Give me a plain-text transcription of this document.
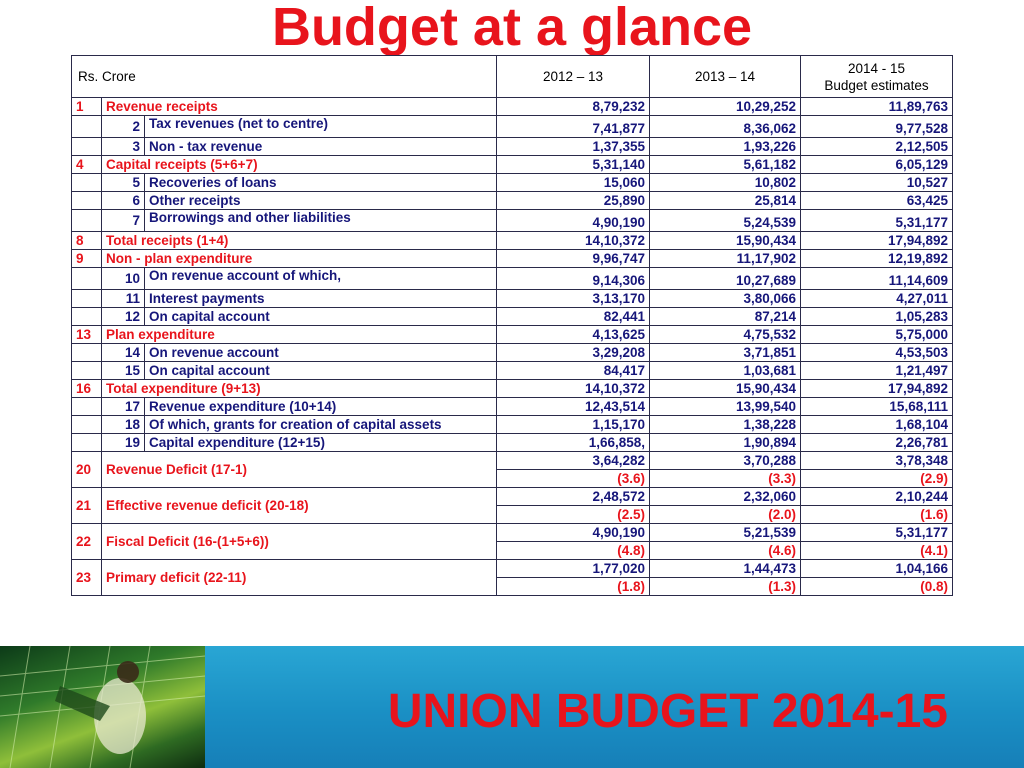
Budget at a glance
Rs. Crore			2012 – 13	2013 – 14	2014 - 15
Budget estimates
1	Revenue receipts		8,79,232	10,29,252	11,89,763
	2	Tax revenues (net to centre)	7,41,877	8,36,062	9,77,528
	3	Non - tax revenue	1,37,355	1,93,226	2,12,505
4	Capital receipts (5+6+7)		5,31,140	5,61,182	6,05,129
	5	Recoveries of loans	15,060	10,802	10,527
	6	Other receipts	25,890	25,814	63,425
	7	Borrowings and other liabilities	4,90,190	5,24,539	5,31,177
8	Total receipts (1+4)		14,10,372	15,90,434	17,94,892
9	Non - plan expenditure		9,96,747	11,17,902	12,19,892
	10	On revenue account of which,	9,14,306	10,27,689	11,14,609
	11	Interest payments	3,13,170	3,80,066	4,27,011
	12	On capital account	82,441	87,214	1,05,283
13	Plan expenditure		4,13,625	4,75,532	5,75,000
	14	On revenue account	3,29,208	3,71,851	4,53,503
	15	On capital account	84,417	1,03,681	1,21,497
16	Total expenditure (9+13)		14,10,372	15,90,434	17,94,892
	17	Revenue expenditure (10+14)	12,43,514	13,99,540	15,68,111
	18	Of which, grants for creation of capital assets	1,15,170	1,38,228	1,68,104
	19	Capital expenditure (12+15)	1,66,858,	1,90,894	2,26,781
20	Revenue Deficit (17-1)		3,64,282	3,70,288	3,78,348
			(3.6)	(3.3)	(2.9)
21	Effective revenue deficit (20-18)		2,48,572	2,32,060	2,10,244
			(2.5)	(2.0)	(1.6)
22	Fiscal Deficit (16-(1+5+6))		4,90,190	5,21,539	5,31,177
			(4.8)	(4.6)	(4.1)
23	Primary deficit (22-11)		1,77,020	1,44,473	1,04,166
			(1.8)	(1.3)	(0.8)
UNION BUDGET 2014-15
